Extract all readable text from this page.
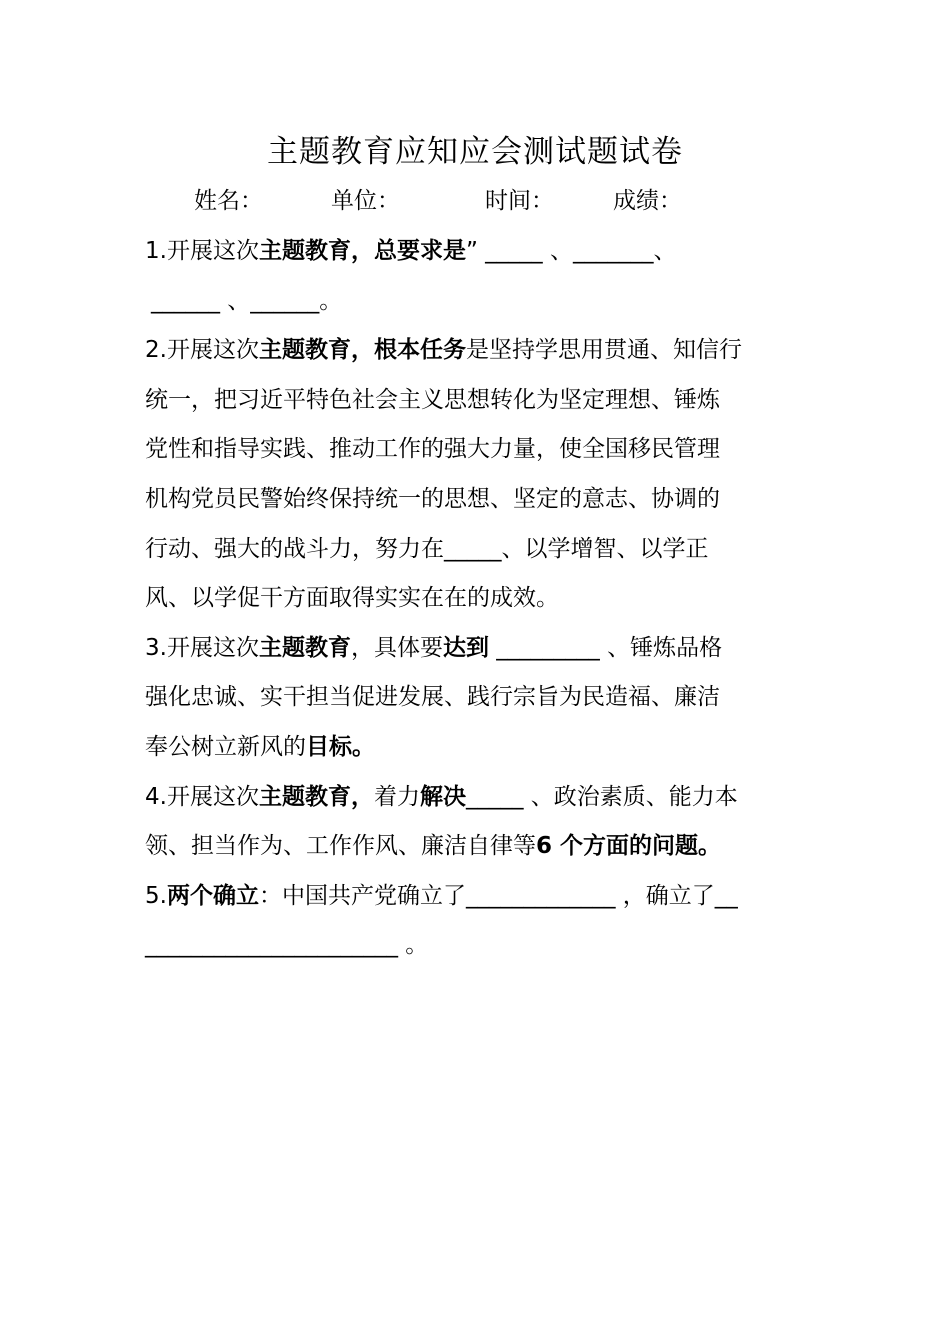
主题教育应知应会测试题试卷
姓名：	单位：	时间：	成绩：
1.开展这次主题教育，总要求是” _____ 、_______、
______ 、______。
2.开展这次主题教育，根本任务是坚持学思用贯通、知信行
统一，把习近平特色社会主义思想转化为坚定理想、锤炼
党性和指导实践、推动工作的强大力量，使全国移民管理
机构党员民警始终保持统一的思想、坚定的意志、协调的
行动、强大的战斗力，努力在_____、以学增智、以学正
风、以学促干方面取得实实在在的成效。
3.开展这次主题教育，具体要达到 _________ 、锤炼品格
强化忠诚、实干担当促进发展、践行宗旨为民造福、廉洁
奉公树立新风的目标。
4.开展这次主题教育，着力解决_____ 、政治素质、能力本
领、担当作为、工作作风、廉洁自律等6 个方面的问题。
5.两个确立：中国共产党确立了_____________ ，确立了__
______________________ 。
